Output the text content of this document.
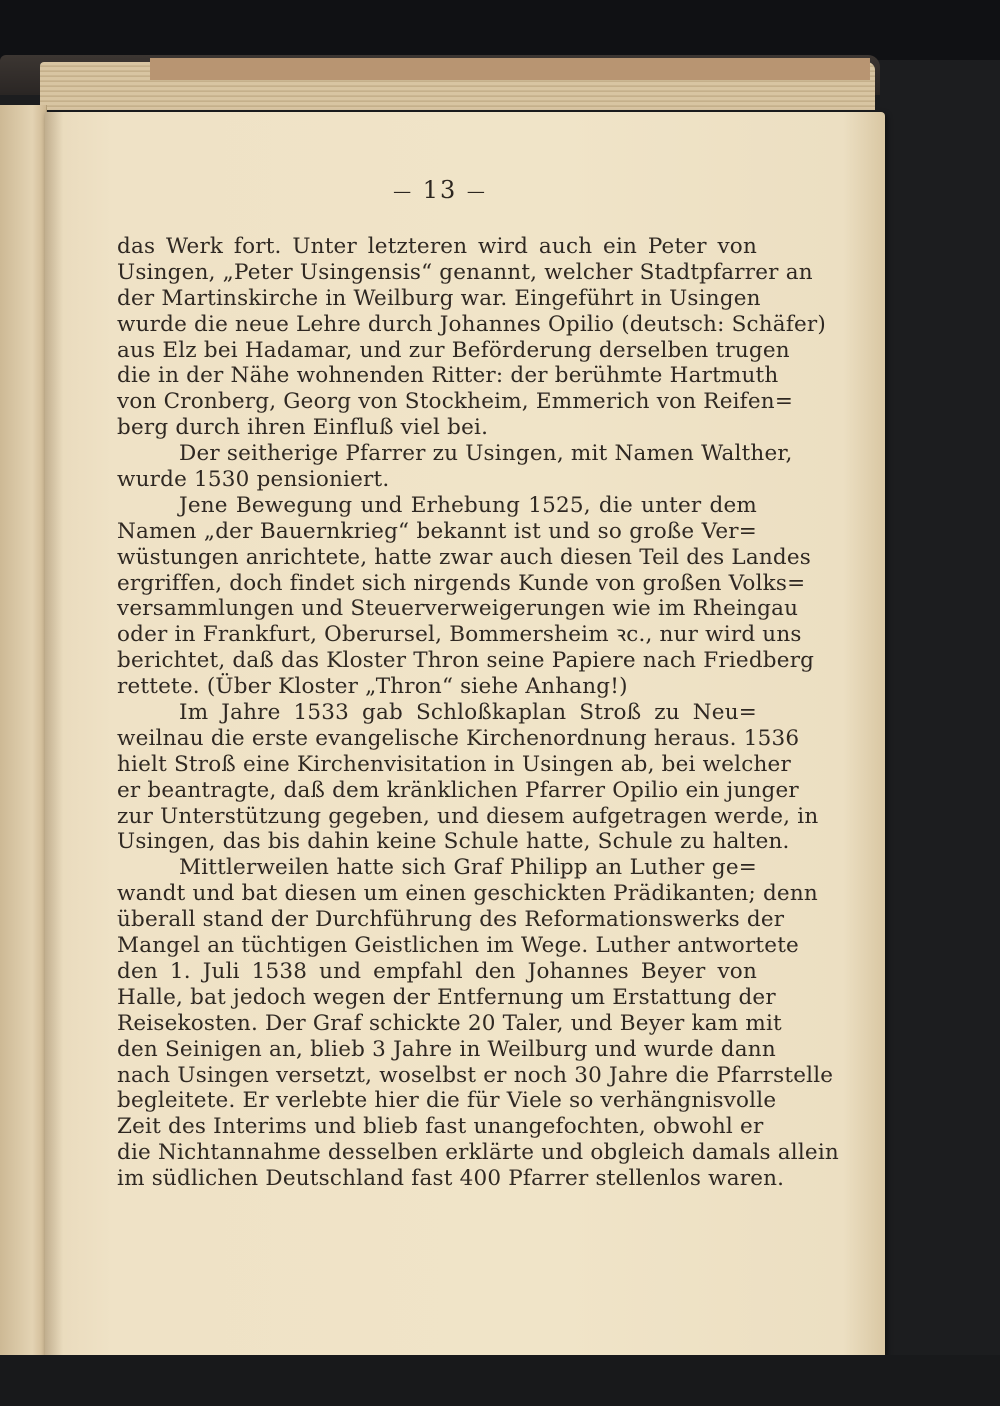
— 13 —
das Werk fort. Unter letzteren wird auch ein Peter von
Usingen, „Peter Usingensis“ genannt, welcher Stadtpfarrer an
der Martinskirche in Weilburg war. Eingeführt in Usingen
wurde die neue Lehre durch Johannes Opilio (deutsch: Schäfer)
aus Elz bei Hadamar, und zur Beförderung derselben trugen
die in der Nähe wohnenden Ritter: der berühmte Hartmuth
von Cronberg, Georg von Stockheim, Emmerich von Reifen=
berg durch ihren Einfluß viel bei.
Der seitherige Pfarrer zu Usingen, mit Namen Walther,
wurde 1530 pensioniert.
Jene Bewegung und Erhebung 1525, die unter dem
Namen „der Bauernkrieg“ bekannt ist und so große Ver=
wüstungen anrichtete, hatte zwar auch diesen Teil des Landes
ergriffen, doch findet sich nirgends Kunde von großen Volks=
versammlungen und Steuerverweigerungen wie im Rheingau
oder in Frankfurt, Oberursel, Bommersheim ꝛc., nur wird uns
berichtet, daß das Kloster Thron seine Papiere nach Friedberg
rettete. (Über Kloster „Thron“ siehe Anhang!)
Im Jahre 1533 gab Schloßkaplan Stroß zu Neu=
weilnau die erste evangelische Kirchenordnung heraus. 1536
hielt Stroß eine Kirchenvisitation in Usingen ab, bei welcher
er beantragte, daß dem kränklichen Pfarrer Opilio ein junger
zur Unterstützung gegeben, und diesem aufgetragen werde, in
Usingen, das bis dahin keine Schule hatte, Schule zu halten.
Mittlerweilen hatte sich Graf Philipp an Luther ge=
wandt und bat diesen um einen geschickten Prädikanten; denn
überall stand der Durchführung des Reformationswerks der
Mangel an tüchtigen Geistlichen im Wege. Luther antwortete
den 1. Juli 1538 und empfahl den Johannes Beyer von
Halle, bat jedoch wegen der Entfernung um Erstattung der
Reisekosten. Der Graf schickte 20 Taler, und Beyer kam mit
den Seinigen an, blieb 3 Jahre in Weilburg und wurde dann
nach Usingen versetzt, woselbst er noch 30 Jahre die Pfarrstelle
begleitete. Er verlebte hier die für Viele so verhängnisvolle
Zeit des Interims und blieb fast unangefochten, obwohl er
die Nichtannahme desselben erklärte und obgleich damals allein
im südlichen Deutschland fast 400 Pfarrer stellenlos waren.
